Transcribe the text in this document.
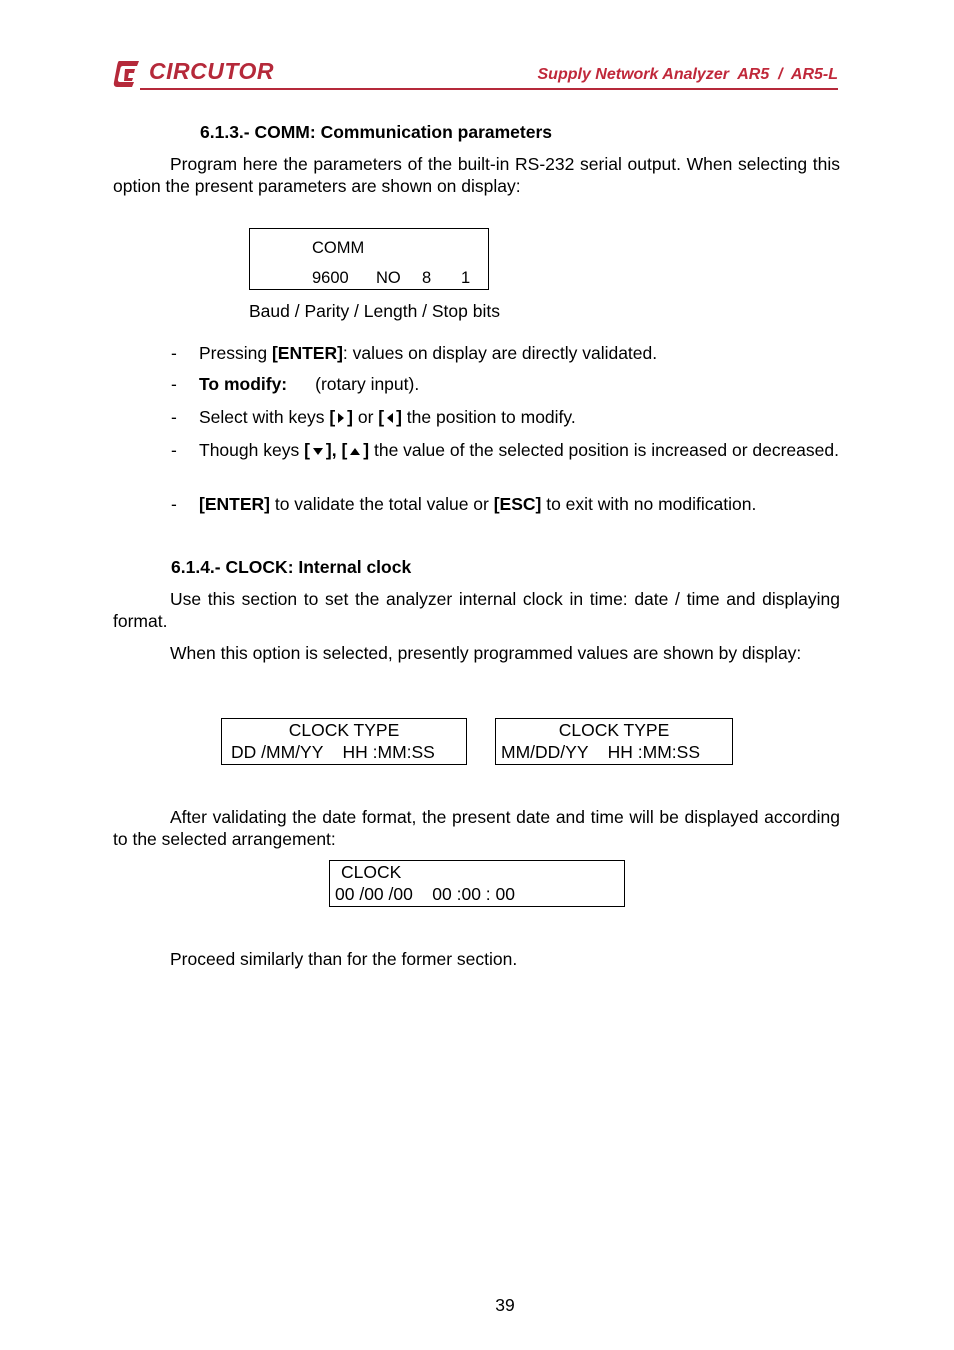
CIRCUTOR	Supply Network Analyzer  AR5  /  AR5-L
6.1.3.- COMM: Communication parameters
Program here the parameters of the built-in RS-232 serial output. When selecting this option the present parameters are shown on display:
COMM
9600 NO 8 1
Baud / Parity / Length / Stop bits
- Pressing [ENTER]: values on display are directly validated.
- To modify: (rotary input).
- Select with keys [ ] or [ ] the position to modify.
- Though keys [ ], [ ] the value of the selected position is increased or decreased.
- [ENTER] to validate the total value or [ESC] to exit with no modification.
6.1.4.- CLOCK: Internal clock
Use this section to set the analyzer internal clock in time: date / time and displaying format.
When this option is selected, presently programmed values are shown by display:
CLOCK TYPE
DD /MM/YY    HH :MM:SS
CLOCK TYPE
MM/DD/YY    HH :MM:SS
After validating the date format, the present date and time will be displayed according to the selected arrangement:
CLOCK
00 /00 /00    00 :00 : 00
Proceed similarly than for the former section.
39
